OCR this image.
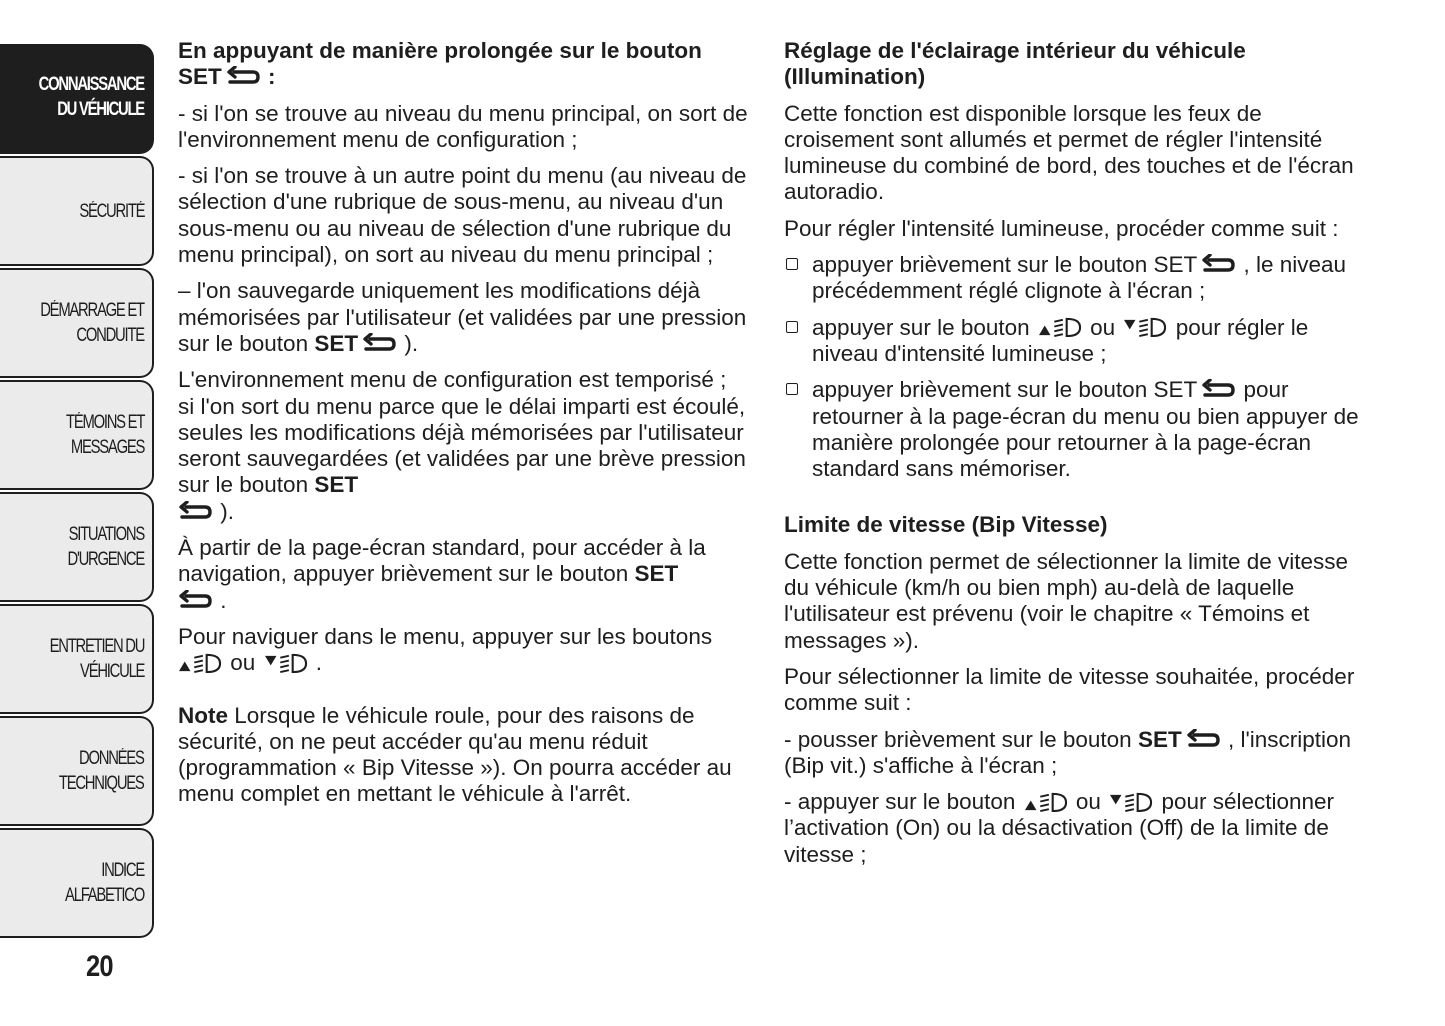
CONNAISSANCE
DU VÉHICULE
SÉCURITÉ
DÉMARRAGE ET
CONDUITE
TÉMOINS ET
MESSAGES
SITUATIONS
D'URGENCE
ENTRETIEN DU
VÉHICULE
DONNÉES
TECHNIQUES
INDICE ALFABETICO
20

En appuyant de manière prolongée sur le bouton SET :

- si l'on se trouve au niveau du menu principal, on sort de l'environnement menu de configuration ;

- si l'on se trouve à un autre point du menu (au niveau de sélection d'une rubrique de sous-menu, au niveau d'un sous-menu ou au niveau de sélection d'une rubrique du menu principal), on sort au niveau du menu principal ;

– l'on sauvegarde uniquement les modifications déjà mémorisées par l'utilisateur (et validées par une pression sur le bouton SET ).

L'environnement menu de configuration est temporisé ; si l'on sort du menu parce que le délai imparti est écoulé, seules les modifications déjà mémorisées par l'utilisateur seront sauvegardées (et validées par une brève pression sur le bouton SET
).

À partir de la page-écran standard, pour accéder à la navigation, appuyer brièvement sur le bouton SET
.

Pour naviguer dans le menu, appuyer sur les boutons
ou  .

Note Lorsque le véhicule roule, pour des raisons de sécurité, on ne peut accéder qu'au menu réduit (programmation « Bip Vitesse »). On pourra accéder au menu complet en mettant le véhicule à l'arrêt.

Réglage de l'éclairage intérieur du véhicule (Illumination)

Cette fonction est disponible lorsque les feux de croisement sont allumés et permet de régler l'intensité lumineuse du combiné de bord, des touches et de l'écran autoradio.

Pour régler l'intensité lumineuse, procéder comme suit :

appuyer brièvement sur le bouton SET , le niveau précédemment réglé clignote à l'écran ;
appuyer sur le bouton  ou  pour régler le niveau d'intensité lumineuse ;
appuyer brièvement sur le bouton SET pour retourner à la page-écran du menu ou bien appuyer de manière prolongée pour retourner à la page-écran standard sans mémoriser.

Limite de vitesse (Bip Vitesse)

Cette fonction permet de sélectionner la limite de vitesse du véhicule (km/h ou bien mph) au-delà de laquelle l'utilisateur est prévenu (voir le chapitre « Témoins et messages »).

Pour sélectionner la limite de vitesse souhaitée, procéder comme suit :

- pousser brièvement sur le bouton SET , l'inscription (Bip vit.) s'affiche à l'écran ;

- appuyer sur le bouton  ou  pour sélectionner l’activation (On) ou la désactivation (Off) de la limite de vitesse ;
